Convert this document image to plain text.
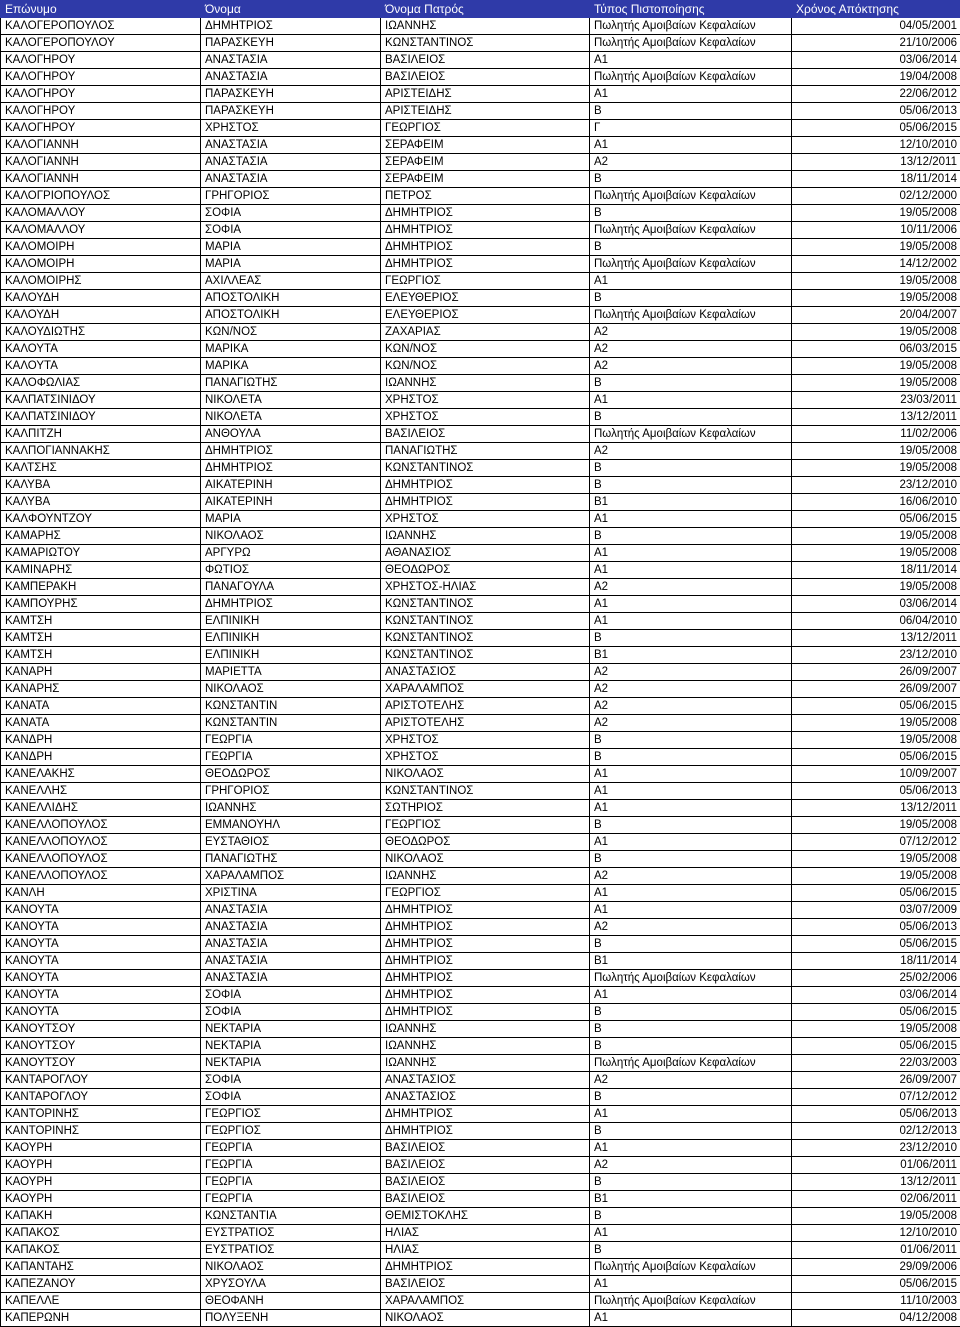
Επώνυμο	Όνομα	Όνομα Πατρός	Τύπος Πιστοποίησης	Χρόνος Απόκτησης
ΚΑΛΟΓΕΡΟΠΟΥΛΟΣ	ΔΗΜΗΤΡΙΟΣ	ΙΩΑΝΝΗΣ	Πωλητής Αμοιβαίων Κεφαλαίων	04/05/2001
ΚΑΛΟΓΕΡΟΠΟΥΛΟΥ	ΠΑΡΑΣΚΕΥΗ	ΚΩΝΣΤΑΝΤΙΝΟΣ	Πωλητής Αμοιβαίων Κεφαλαίων	21/10/2006
ΚΑΛΟΓΗΡΟΥ	ΑΝΑΣΤΑΣΙΑ	ΒΑΣΙΛΕΙΟΣ	Α1	03/06/2014
ΚΑΛΟΓΗΡΟΥ	ΑΝΑΣΤΑΣΙΑ	ΒΑΣΙΛΕΙΟΣ	Πωλητής Αμοιβαίων Κεφαλαίων	19/04/2008
ΚΑΛΟΓΗΡΟΥ	ΠΑΡΑΣΚΕΥΗ	ΑΡΙΣΤΕΙΔΗΣ	Α1	22/06/2012
ΚΑΛΟΓΗΡΟΥ	ΠΑΡΑΣΚΕΥΗ	ΑΡΙΣΤΕΙΔΗΣ	Β	05/06/2013
ΚΑΛΟΓΗΡΟΥ	ΧΡΗΣΤΟΣ	ΓΕΩΡΓΙΟΣ	Γ	05/06/2015
ΚΑΛΟΓΙΑΝΝΗ	ΑΝΑΣΤΑΣΙΑ	ΣΕΡΑΦΕΙΜ	Α1	12/10/2010
ΚΑΛΟΓΙΑΝΝΗ	ΑΝΑΣΤΑΣΙΑ	ΣΕΡΑΦΕΙΜ	Α2	13/12/2011
ΚΑΛΟΓΙΑΝΝΗ	ΑΝΑΣΤΑΣΙΑ	ΣΕΡΑΦΕΙΜ	Β	18/11/2014
ΚΑΛΟΓΡΙΟΠΟΥΛΟΣ	ΓΡΗΓΟΡΙΟΣ	ΠΕΤΡΟΣ	Πωλητής Αμοιβαίων Κεφαλαίων	02/12/2000
ΚΑΛΟΜΑΛΛΟΥ	ΣΟΦΙΑ	ΔΗΜΗΤΡΙΟΣ	Β	19/05/2008
ΚΑΛΟΜΑΛΛΟΥ	ΣΟΦΙΑ	ΔΗΜΗΤΡΙΟΣ	Πωλητής Αμοιβαίων Κεφαλαίων	10/11/2006
ΚΑΛΟΜΟΙΡΗ	ΜΑΡΙΑ	ΔΗΜΗΤΡΙΟΣ	Β	19/05/2008
ΚΑΛΟΜΟΙΡΗ	ΜΑΡΙΑ	ΔΗΜΗΤΡΙΟΣ	Πωλητής Αμοιβαίων Κεφαλαίων	14/12/2002
ΚΑΛΟΜΟΙΡΗΣ	ΑΧΙΛΛΕΑΣ	ΓΕΩΡΓΙΟΣ	Α1	19/05/2008
ΚΑΛΟΥΔΗ	ΑΠΟΣΤΟΛΙΚΗ	ΕΛΕΥΘΕΡΙΟΣ	Β	19/05/2008
ΚΑΛΟΥΔΗ	ΑΠΟΣΤΟΛΙΚΗ	ΕΛΕΥΘΕΡΙΟΣ	Πωλητής Αμοιβαίων Κεφαλαίων	20/04/2007
ΚΑΛΟΥΔΙΩΤΗΣ	ΚΩΝ/ΝΟΣ	ΖΑΧΑΡΙΑΣ	Α2	19/05/2008
ΚΑΛΟΥΤΑ	ΜΑΡΙΚΑ	ΚΩΝ/ΝΟΣ	Α2	06/03/2015
ΚΑΛΟΥΤΑ	ΜΑΡΙΚΑ	ΚΩΝ/ΝΟΣ	Α2	19/05/2008
ΚΑΛΟΦΩΛΙΑΣ	ΠΑΝΑΓΙΩΤΗΣ	ΙΩΑΝΝΗΣ	Β	19/05/2008
ΚΑΛΠΑΤΣΙΝΙΔΟΥ	ΝΙΚΟΛΕΤΑ	ΧΡΗΣΤΟΣ	Α1	23/03/2011
ΚΑΛΠΑΤΣΙΝΙΔΟΥ	ΝΙΚΟΛΕΤΑ	ΧΡΗΣΤΟΣ	Β	13/12/2011
ΚΑΛΠΙΤΖΗ	ΑΝΘΟΥΛΑ	ΒΑΣΙΛΕΙΟΣ	Πωλητής Αμοιβαίων Κεφαλαίων	11/02/2006
ΚΑΛΠΟΓΙΑΝΝΑΚΗΣ	ΔΗΜΗΤΡΙΟΣ	ΠΑΝΑΓΙΩΤΗΣ	Α2	19/05/2008
ΚΑΛΤΣΗΣ	ΔΗΜΗΤΡΙΟΣ	ΚΩΝΣΤΑΝΤΙΝΟΣ	Β	19/05/2008
ΚΑΛΥΒΑ	ΑΙΚΑΤΕΡΙΝΗ	ΔΗΜΗΤΡΙΟΣ	Β	23/12/2010
ΚΑΛΥΒΑ	ΑΙΚΑΤΕΡΙΝΗ	ΔΗΜΗΤΡΙΟΣ	Β1	16/06/2010
ΚΑΛΦΟΥΝΤΖΟΥ	ΜΑΡΙΑ	ΧΡΗΣΤΟΣ	Α1	05/06/2015
ΚΑΜΑΡΗΣ	ΝΙΚΟΛΑΟΣ	ΙΩΑΝΝΗΣ	Β	19/05/2008
ΚΑΜΑΡΙΩΤΟΥ	ΑΡΓΥΡΩ	ΑΘΑΝΑΣΙΟΣ	Α1	19/05/2008
ΚΑΜΙΝΑΡΗΣ	ΦΩΤΙΟΣ	ΘΕΟΔΩΡΟΣ	Α1	18/11/2014
ΚΑΜΠΕΡΑΚΗ	ΠΑΝΑΓΟΥΛΑ	ΧΡΗΣΤΟΣ-ΗΛΙΑΣ	Α2	19/05/2008
ΚΑΜΠΟΥΡΗΣ	ΔΗΜΗΤΡΙΟΣ	ΚΩΝΣΤΑΝΤΙΝΟΣ	Α1	03/06/2014
ΚΑΜΤΣΗ	ΕΛΠΙΝΙΚΗ	ΚΩΝΣΤΑΝΤΙΝΟΣ	Α1	06/04/2010
ΚΑΜΤΣΗ	ΕΛΠΙΝΙΚΗ	ΚΩΝΣΤΑΝΤΙΝΟΣ	Β	13/12/2011
ΚΑΜΤΣΗ	ΕΛΠΙΝΙΚΗ	ΚΩΝΣΤΑΝΤΙΝΟΣ	Β1	23/12/2010
ΚΑΝΑΡΗ	ΜΑΡΙΕΤΤΑ	ΑΝΑΣΤΑΣΙΟΣ	Α2	26/09/2007
ΚΑΝΑΡΗΣ	ΝΙΚΟΛΑΟΣ	ΧΑΡΑΛΑΜΠΟΣ	Α2	26/09/2007
ΚΑΝΑΤΑ	ΚΩΝΣΤΑΝΤΙΝ	ΑΡΙΣΤΟΤΕΛΗΣ	Α2	05/06/2015
ΚΑΝΑΤΑ	ΚΩΝΣΤΑΝΤΙΝ	ΑΡΙΣΤΟΤΕΛΗΣ	Α2	19/05/2008
ΚΑΝΔΡΗ	ΓΕΩΡΓΙΑ	ΧΡΗΣΤΟΣ	Β	19/05/2008
ΚΑΝΔΡΗ	ΓΕΩΡΓΙΑ	ΧΡΗΣΤΟΣ	Β	05/06/2015
ΚΑΝΕΛΑΚΗΣ	ΘΕΟΔΩΡΟΣ	ΝΙΚΟΛΑΟΣ	Α1	10/09/2007
ΚΑΝΕΛΛΗΣ	ΓΡΗΓΟΡΙΟΣ	ΚΩΝΣΤΑΝΤΙΝΟΣ	Α1	05/06/2013
ΚΑΝΕΛΛΙΔΗΣ	ΙΩΑΝΝΗΣ	ΣΩΤΗΡΙΟΣ	Α1	13/12/2011
ΚΑΝΕΛΛΟΠΟΥΛΟΣ	ΕΜΜΑΝΟΥΗΛ	ΓΕΩΡΓΙΟΣ	Β	19/05/2008
ΚΑΝΕΛΛΟΠΟΥΛΟΣ	ΕΥΣΤΑΘΙΟΣ	ΘΕΟΔΩΡΟΣ	Α1	07/12/2012
ΚΑΝΕΛΛΟΠΟΥΛΟΣ	ΠΑΝΑΓΙΩΤΗΣ	ΝΙΚΟΛΑΟΣ	Β	19/05/2008
ΚΑΝΕΛΛΟΠΟΥΛΟΣ	ΧΑΡΑΛΑΜΠΟΣ	ΙΩΑΝΝΗΣ	Α2	19/05/2008
ΚΑΝΛΗ	ΧΡΙΣΤΙΝΑ	ΓΕΩΡΓΙΟΣ	Α1	05/06/2015
ΚΑΝΟΥΤΑ	ΑΝΑΣΤΑΣΙΑ	ΔΗΜΗΤΡΙΟΣ	Α1	03/07/2009
ΚΑΝΟΥΤΑ	ΑΝΑΣΤΑΣΙΑ	ΔΗΜΗΤΡΙΟΣ	Α2	05/06/2013
ΚΑΝΟΥΤΑ	ΑΝΑΣΤΑΣΙΑ	ΔΗΜΗΤΡΙΟΣ	Β	05/06/2015
ΚΑΝΟΥΤΑ	ΑΝΑΣΤΑΣΙΑ	ΔΗΜΗΤΡΙΟΣ	Β1	18/11/2014
ΚΑΝΟΥΤΑ	ΑΝΑΣΤΑΣΙΑ	ΔΗΜΗΤΡΙΟΣ	Πωλητής Αμοιβαίων Κεφαλαίων	25/02/2006
ΚΑΝΟΥΤΑ	ΣΟΦΙΑ	ΔΗΜΗΤΡΙΟΣ	Α1	03/06/2014
ΚΑΝΟΥΤΑ	ΣΟΦΙΑ	ΔΗΜΗΤΡΙΟΣ	Β	05/06/2015
ΚΑΝΟΥΤΣΟΥ	ΝΕΚΤΑΡΙΑ	ΙΩΑΝΝΗΣ	Β	19/05/2008
ΚΑΝΟΥΤΣΟΥ	ΝΕΚΤΑΡΙΑ	ΙΩΑΝΝΗΣ	Β	05/06/2015
ΚΑΝΟΥΤΣΟΥ	ΝΕΚΤΑΡΙΑ	ΙΩΑΝΝΗΣ	Πωλητής Αμοιβαίων Κεφαλαίων	22/03/2003
ΚΑΝΤΑΡΟΓΛΟΥ	ΣΟΦΙΑ	ΑΝΑΣΤΑΣΙΟΣ	Α2	26/09/2007
ΚΑΝΤΑΡΟΓΛΟΥ	ΣΟΦΙΑ	ΑΝΑΣΤΑΣΙΟΣ	Β	07/12/2012
ΚΑΝΤΟΡΙΝΗΣ	ΓΕΩΡΓΙΟΣ	ΔΗΜΗΤΡΙΟΣ	Α1	05/06/2013
ΚΑΝΤΟΡΙΝΗΣ	ΓΕΩΡΓΙΟΣ	ΔΗΜΗΤΡΙΟΣ	Β	02/12/2013
ΚΑΟΥΡΗ	ΓΕΩΡΓΙΑ	ΒΑΣΙΛΕΙΟΣ	Α1	23/12/2010
ΚΑΟΥΡΗ	ΓΕΩΡΓΙΑ	ΒΑΣΙΛΕΙΟΣ	Α2	01/06/2011
ΚΑΟΥΡΗ	ΓΕΩΡΓΙΑ	ΒΑΣΙΛΕΙΟΣ	Β	13/12/2011
ΚΑΟΥΡΗ	ΓΕΩΡΓΙΑ	ΒΑΣΙΛΕΙΟΣ	Β1	02/06/2011
ΚΑΠΑΚΗ	ΚΩΝΣΤΑΝΤΙΑ	ΘΕΜΙΣΤΟΚΛΗΣ	Β	19/05/2008
ΚΑΠΑΚΟΣ	ΕΥΣΤΡΑΤΙΟΣ	ΗΛΙΑΣ	Α1	12/10/2010
ΚΑΠΑΚΟΣ	ΕΥΣΤΡΑΤΙΟΣ	ΗΛΙΑΣ	Β	01/06/2011
ΚΑΠΑΝΤΑΗΣ	ΝΙΚΟΛΑΟΣ	ΔΗΜΗΤΡΙΟΣ	Πωλητής Αμοιβαίων Κεφαλαίων	29/09/2006
ΚΑΠΕΖΑΝΟΥ	ΧΡΥΣΟΥΛΑ	ΒΑΣΙΛΕΙΟΣ	Α1	05/06/2015
ΚΑΠΕΛΛΕ	ΘΕΟΦΑΝΗ	ΧΑΡΑΛΑΜΠΟΣ	Πωλητής Αμοιβαίων Κεφαλαίων	11/10/2003
ΚΑΠΕΡΩΝΗ	ΠΟΛΥΞΕΝΗ	ΝΙΚΟΛΑΟΣ	Α1	04/12/2008
